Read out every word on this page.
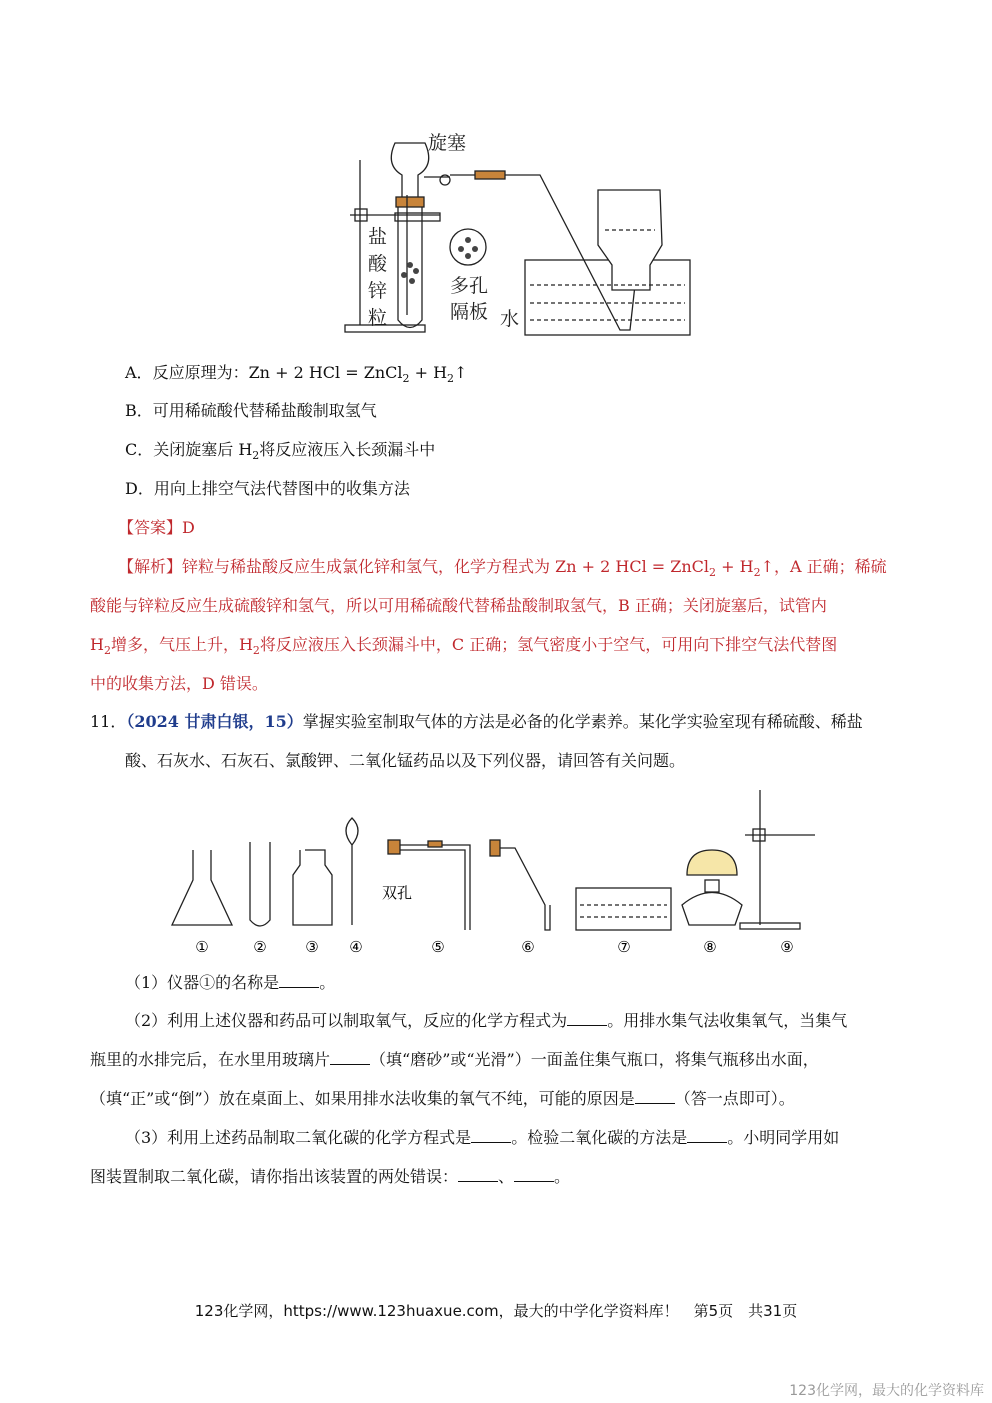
旋塞
盐
酸
锌
粒
多孔
隔板 水
A．反应原理为：Zn + 2 HCl = ZnCl$_2$ + $H_2↑$
B．可用稀硫酸代替稀盐酸制取氢气
C．关闭旋塞后 $H_2$将反应液压入长颈漏斗中
D．用向上排空气法代替图中的收集方法
【答案】D
【解析】锌粒与稀盐酸反应生成氯化锌和氢气，化学方程式为 Zn + 2 HCl = ZnCl$_2$ + $H_2↑$，A 正确；稀硫
酸能与锌粒反应生成硫酸锌和氢气，所以可用稀硫酸代替稀盐酸制取氢气，B 正确；关闭旋塞后，试管内
$H_2$增多，气压上升，$H_2$将反应液压入长颈漏斗中，C 正确；氢气密度小于空气，可用向下排空气法代替图
中的收集方法，D 错误。
11．（2024 甘肃白银，15）掌握实验室制取气体的方法是必备的化学素养。某化学实验室现有稀硫酸、稀盐
酸、石灰水、石灰石、氯酸钾、二氧化锰药品以及下列仪器，请回答有关问题。
双孔
①	②	③ ④	⑤	⑥	⑦	⑧	⑨
（1）仪器①的名称是	。
（2）利用上述仪器和药品可以制取氧气，反应的化学方程式为	。用排水集气法收集氧气，当集气
瓶里的水排完后，在水里用玻璃片	（填“磨砂”或“光滑”）一面盖住集气瓶口，将集气瓶移出水面，
（填“正”或“倒”）放在桌面上、如果用排水法收集的氧气不纯，可能的原因是	（答一点即可）。
（3）利用上述药品制取二氧化碳的化学方程式是	。检验二氧化碳的方法是	。小明同学用如
图装置制取二氧化碳，请你指出该装置的两处错误：	、	。
123化学网，https://www.123huaxue.com，最大的中学化学资料库！　第5页　共31页
123化学网，最大的化学资料库
